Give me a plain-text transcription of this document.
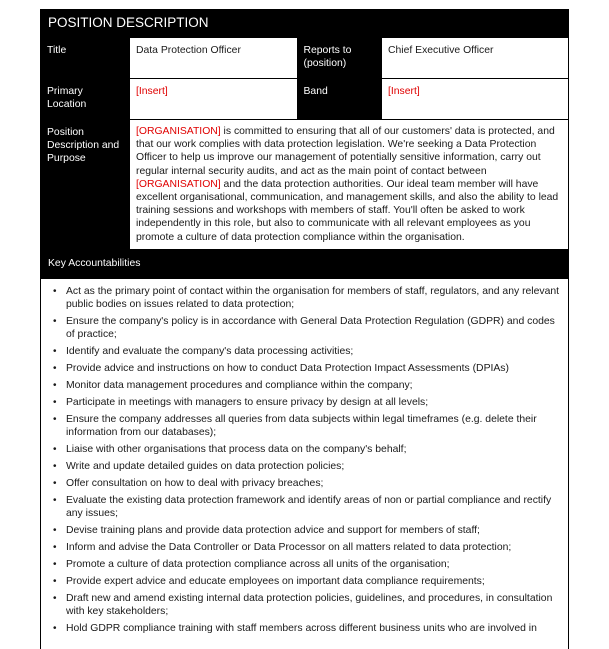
POSITION DESCRIPTION
Title	Data Protection Officer	Reports to (position)	Chief Executive Officer
Primary Location	[Insert]	Band	[Insert]
Position Description and Purpose	[ORGANISATION] is committed to ensuring that all of our customers' data is protected, and that our work complies with data protection legislation. We're seeking a Data Protection Officer to help us improve our management of potentially sensitive information, carry out regular internal security audits, and act as the main point of contact between [ORGANISATION] and the data protection authorities. Our ideal team member will have excellent organisational, communication, and management skills, and also the ability to lead training sessions and workshops with members of staff. You'll often be asked to work independently in this role, but also to communicate with all relevant employees as you promote a culture of data protection compliance within the organisation.		
Key Accountabilities
• Act as the primary point of contact within the organisation for members of staff, regulators, and any relevant public bodies on issues related to data protection;
• Ensure the company's policy is in accordance with General Data Protection Regulation (GDPR) and codes of practice;
• Identify and evaluate the company's data processing activities;
• Provide advice and instructions on how to conduct Data Protection Impact Assessments (DPIAs)
• Monitor data management procedures and compliance within the company;
• Participate in meetings with managers to ensure privacy by design at all levels;
• Ensure the company addresses all queries from data subjects within legal timeframes (e.g. delete their information from our databases);
• Liaise with other organisations that process data on the company's behalf;
• Write and update detailed guides on data protection policies;
• Offer consultation on how to deal with privacy breaches;
• Evaluate the existing data protection framework and identify areas of non or partial compliance and rectify any issues;
• Devise training plans and provide data protection advice and support for members of staff;
• Inform and advise the Data Controller or Data Processor on all matters related to data protection;
• Promote a culture of data protection compliance across all units of the organisation;
• Provide expert advice and educate employees on important data compliance requirements;
• Draft new and amend existing internal data protection policies, guidelines, and procedures, in consultation with key stakeholders;
• Hold GDPR compliance training with staff members across different business units who are involved in
